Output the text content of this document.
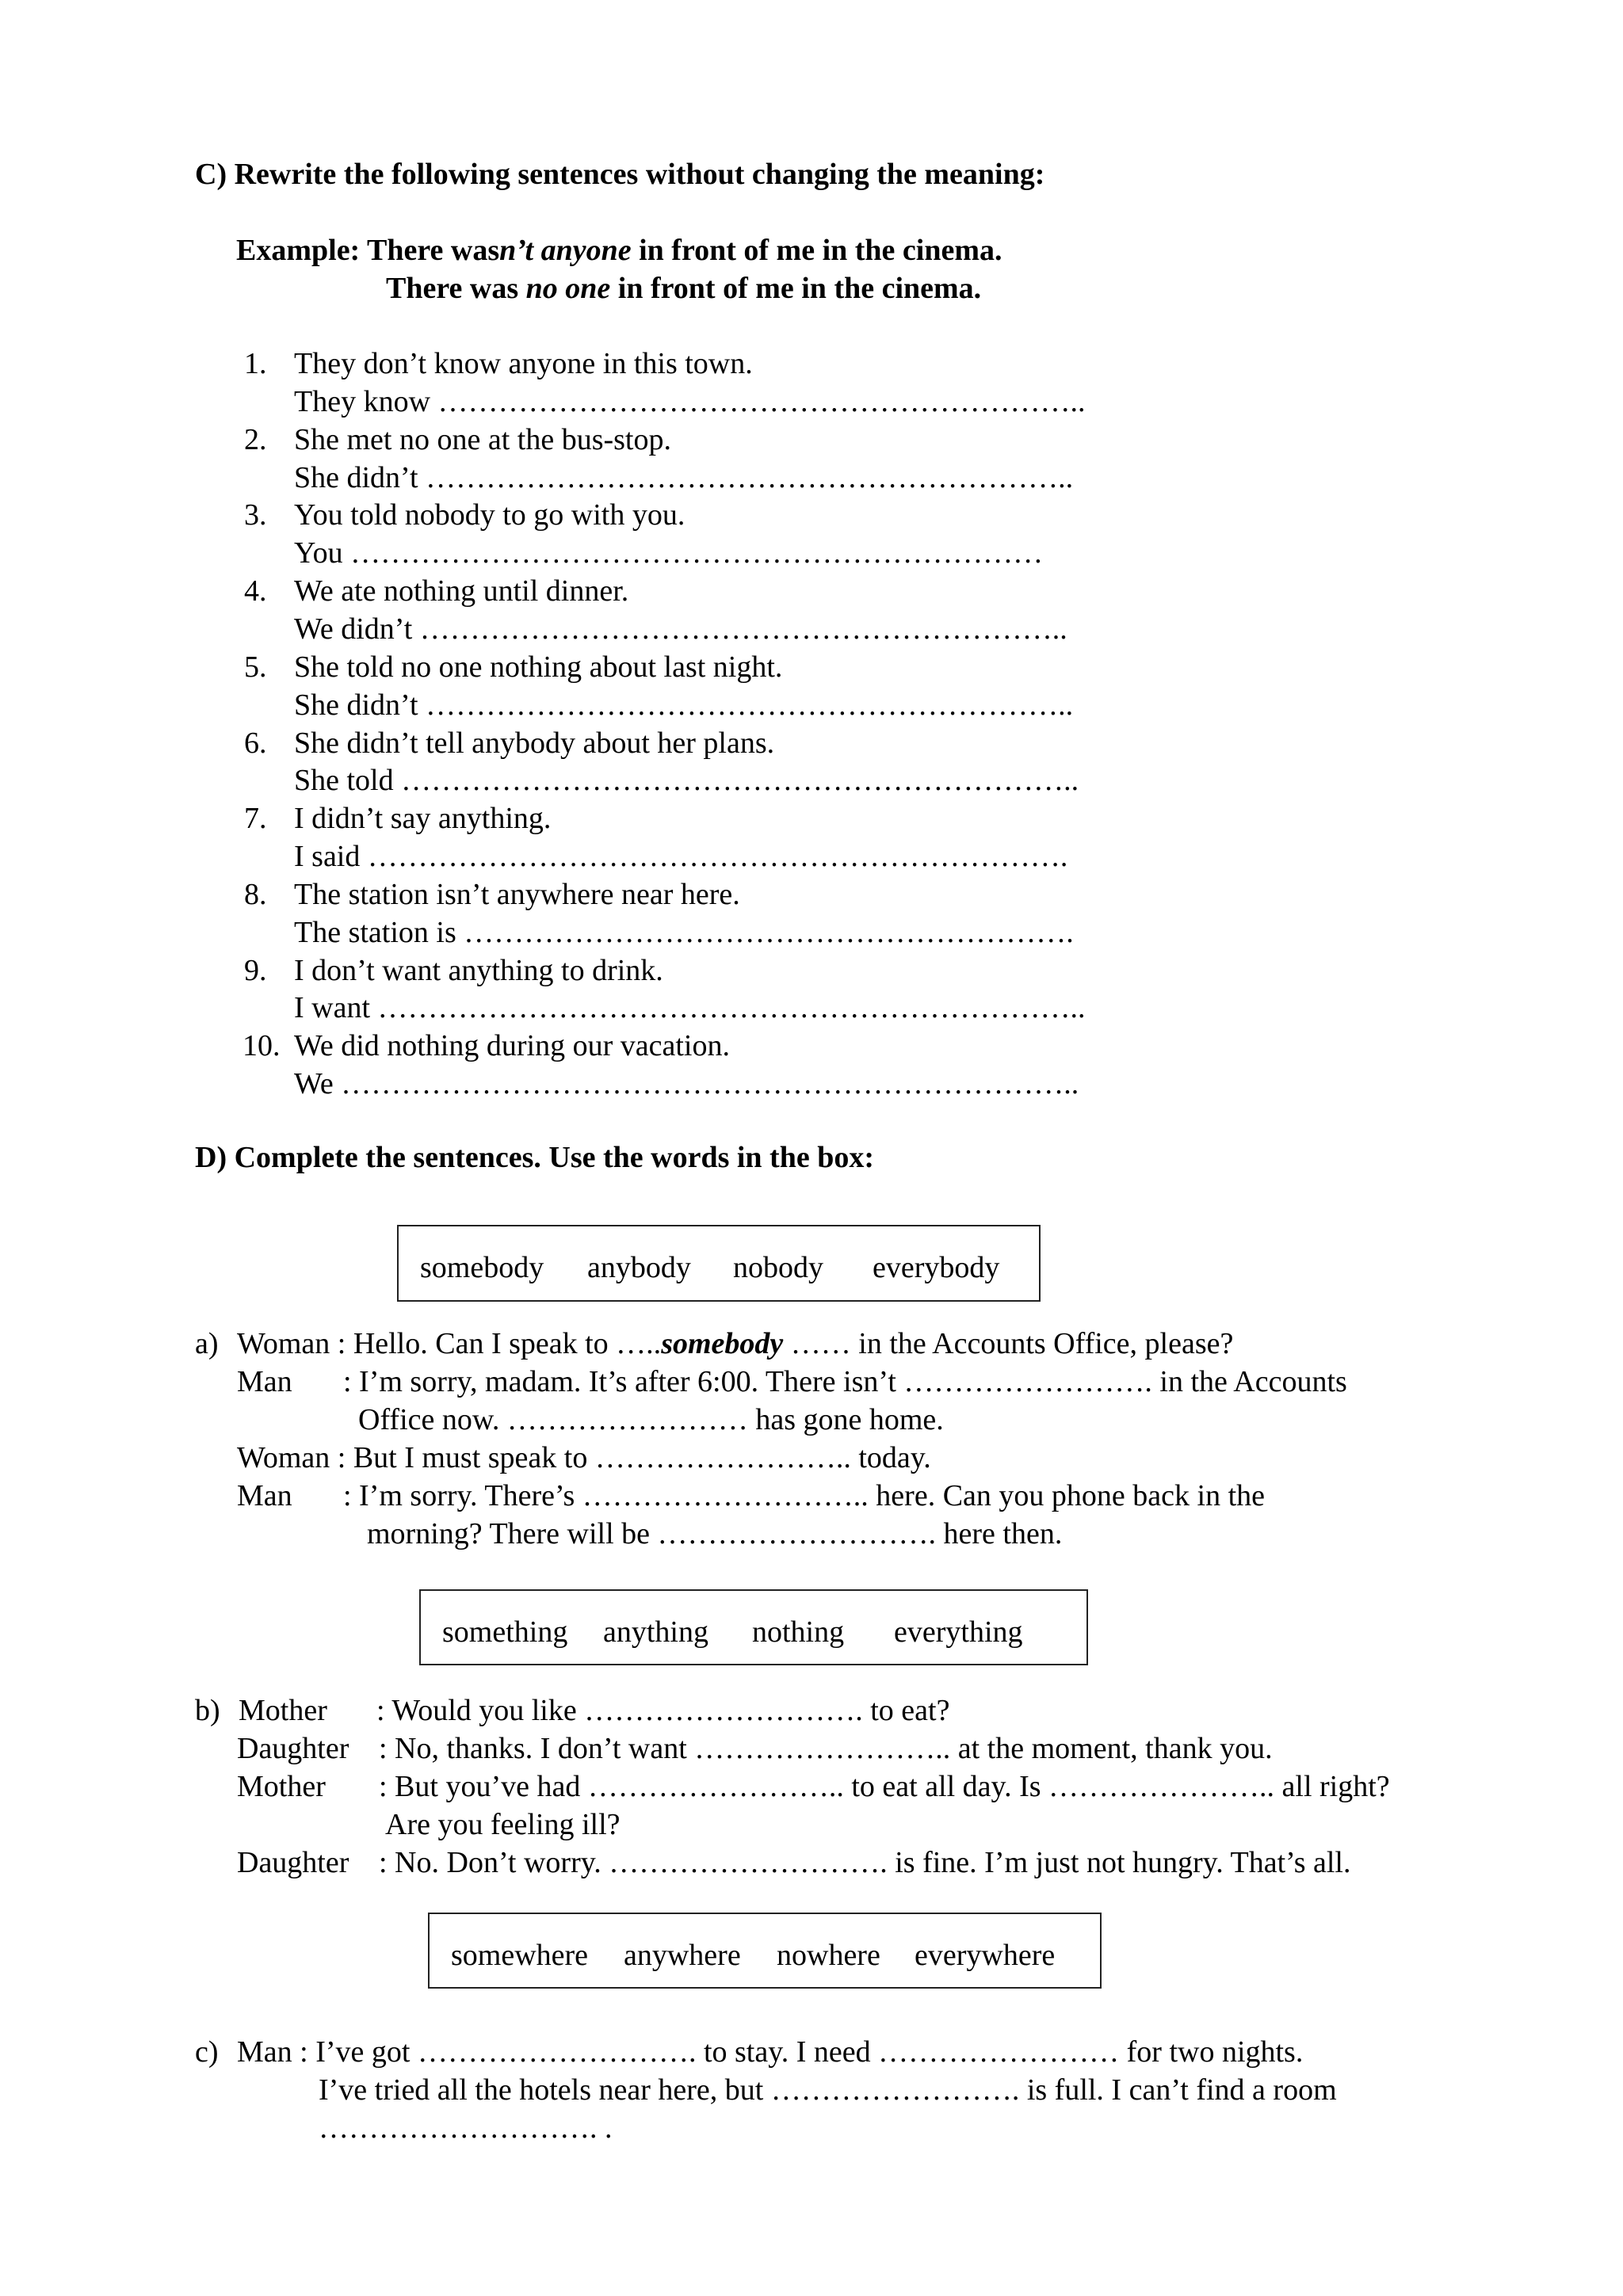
C) Rewrite the following sentences without changing the meaning:
Example: There wasn’t anyone in front of me in the cinema.
There was no one in front of me in the cinema.
1. They don’t know anyone in this town.
They know ………………………………………………………..
2. She met no one at the bus-stop.
She didn’t ………………………………………………………..
3. You told nobody to go with you.
You ……………………………………………………………
4. We ate nothing until dinner.
We didn’t ………………………………………………………..
5. She told no one nothing about last night.
She didn’t ………………………………………………………..
6. She didn’t tell anybody about her plans.
She told …………………………………………………………..
7. I didn’t say anything.
I said …………………………………………………………….
8. The station isn’t anywhere near here.
The station is …………………………………………………….
9. I don’t want anything to drink.
I want ……………………………………………………………..
10. We did nothing during our vacation.
We ………………………………………………………………..
D) Complete the sentences. Use the words in the box:
somebody anybody nobody everybody
a) Woman : Hello. Can I speak to …..somebody …… in the Accounts Office, please?
Man : I’m sorry, madam. It’s after 6:00. There isn’t ……………………. in the Accounts
Office now. …………………… has gone home.
Woman : But I must speak to …………………….. today.
Man : I’m sorry. There’s ……………………….. here. Can you phone back in the
morning? There will be ………………………. here then.
something anything nothing everything
b) Mother : Would you like ………………………. to eat?
Daughter : No, thanks. I don’t want …………………….. at the moment, thank you.
Mother : But you’ve had …………………….. to eat all day. Is ………………….. all right?
Are you feeling ill?
Daughter : No. Don’t worry. ………………………. is fine. I’m just not hungry. That’s all.
somewhere anywhere nowhere everywhere
c) Man : I’ve got ………………………. to stay. I need …………………… for two nights.
I’ve tried all the hotels near here, but ……………………. is full. I can’t find a room
………………………. .
